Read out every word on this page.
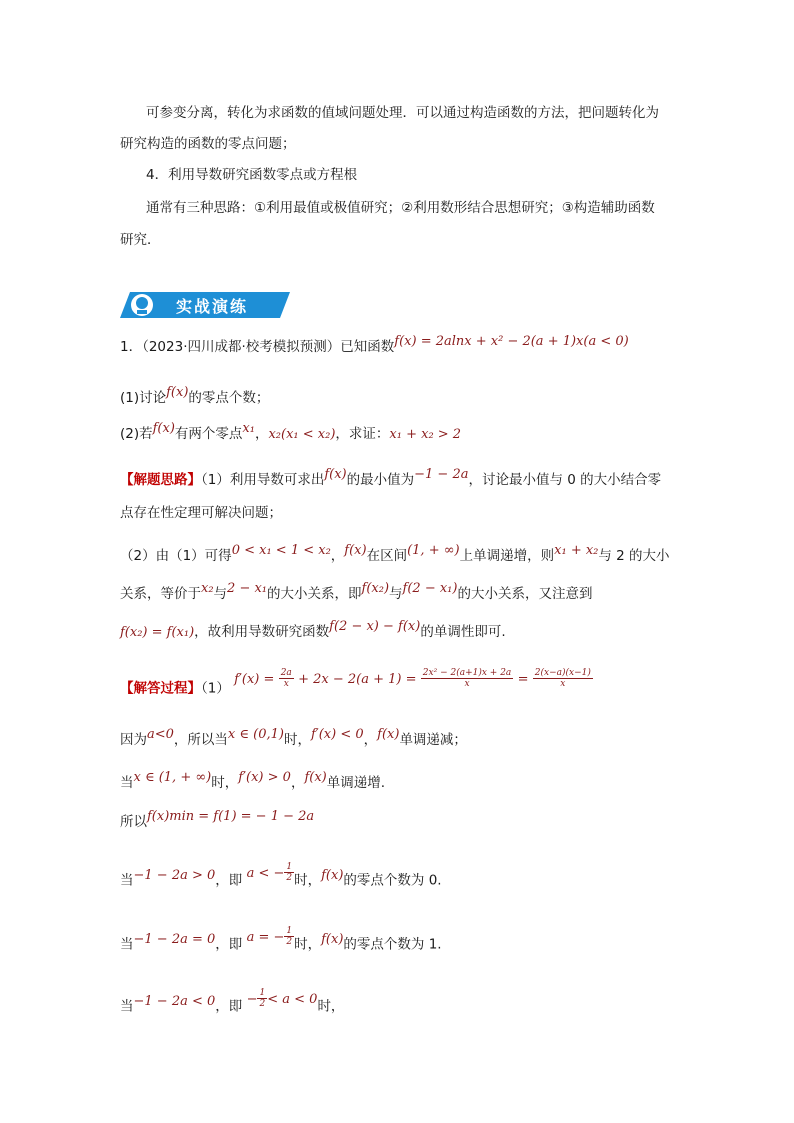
可参变分离，转化为求函数的值域问题处理．可以通过构造函数的方法，把问题转化为
研究构造的函数的零点问题；
4．利用导数研究函数零点或方程根
通常有三种思路：①利用最值或极值研究；②利用数形结合思想研究；③构造辅助函数
研究．
实战演练
1．（2023·四川成都·校考模拟预测）已知函数f(x) = 2alnx + x² − 2(a + 1)x(a < 0)
(1)讨论f(x)的零点个数；
(2)若f(x)有两个零点x₁，x₂(x₁ < x₂)，求证：x₁ + x₂ > 2
【解题思路】（1）利用导数可求出f(x)的最小值为−1 − 2a，讨论最小值与 0 的大小结合零
点存在性定理可解决问题；
（2）由（1）可得0 < x₁ < 1 < x₂，f(x)在区间(1, + ∞)上单调递增，则x₁ + x₂与 2 的大小
关系，等价于x₂与2 − x₁的大小关系，即f(x₂)与f(2 − x₁)的大小关系，又注意到
f(x₂) = f(x₁)，故利用导数研究函数f(2 − x) − f(x)的单调性即可.
【解答过程】（1） $f'(x) = \frac{2a}{x} + 2x - 2(a + 1) = \frac{\text{2x² − 2(a+1)x + 2a}}{x} = \frac{2(x-a)(x-1)}{x}$
因为a<0，所以当x ∈ (0,1)时，f′(x) < 0，f(x)单调递减；
当x ∈ (1, + ∞)时，f′(x) > 0，f(x)单调递增.
所以f(x)min = f(1) = − 1 − 2a
当−1 − 2a > 0，即 a < − $\frac{1}{2}$ 时，f(x)的零点个数为 0.
当−1 − 2a = 0，即 a = − $\frac{1}{2}$ 时，f(x)的零点个数为 1.
当−1 − 2a < 0，即 − $\frac{1}{2} < a < 0$时，
